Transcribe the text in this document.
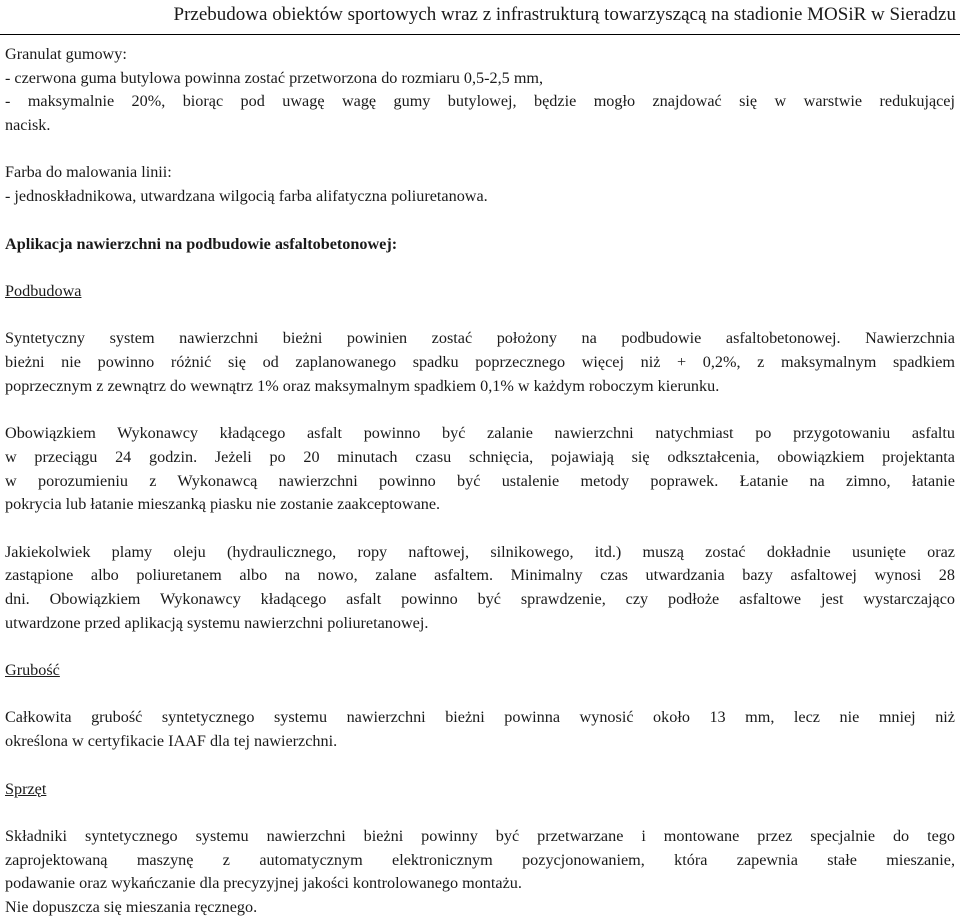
Przebudowa obiektów sportowych wraz z infrastrukturą towarzyszącą na stadionie MOSiR w Sieradzu
Granulat gumowy:
- czerwona guma butylowa powinna zostać przetworzona do rozmiaru 0,5-2,5 mm,
- maksymalnie 20%, biorąc pod uwagę wagę gumy butylowej, będzie mogło znajdować się w warstwie redukującej
nacisk.
Farba do malowania linii:
- jednoskładnikowa, utwardzana wilgocią farba alifatyczna poliuretanowa.
Aplikacja nawierzchni na podbudowie asfaltobetonowej:
Podbudowa
Syntetyczny system nawierzchni bieżni powinien zostać położony na podbudowie asfaltobetonowej. Nawierzchnia
bieżni nie powinno różnić się od zaplanowanego spadku poprzecznego więcej niż + 0,2%, z maksymalnym spadkiem
poprzecznym z zewnątrz do wewnątrz 1% oraz maksymalnym spadkiem 0,1% w każdym roboczym kierunku.
Obowiązkiem Wykonawcy kładącego asfalt powinno być zalanie nawierzchni natychmiast po przygotowaniu asfaltu
w przeciągu 24 godzin. Jeżeli po 20 minutach czasu schnięcia, pojawiają się odkształcenia, obowiązkiem projektanta
w porozumieniu z Wykonawcą nawierzchni powinno być ustalenie metody poprawek. Łatanie na zimno, łatanie
pokrycia lub łatanie mieszanką piasku nie zostanie zaakceptowane.
Jakiekolwiek plamy oleju (hydraulicznego, ropy naftowej, silnikowego, itd.) muszą zostać dokładnie usunięte oraz
zastąpione albo poliuretanem albo na nowo, zalane asfaltem. Minimalny czas utwardzania bazy asfaltowej wynosi 28
dni. Obowiązkiem Wykonawcy kładącego asfalt powinno być sprawdzenie, czy podłoże asfaltowe jest wystarczająco
utwardzone przed aplikacją systemu nawierzchni poliuretanowej.
Grubość
Całkowita grubość syntetycznego systemu nawierzchni bieżni powinna wynosić około 13 mm, lecz nie mniej niż
określona w certyfikacie IAAF dla tej nawierzchni.
Sprzęt
Składniki syntetycznego systemu nawierzchni bieżni powinny być przetwarzane i montowane przez specjalnie do tego
zaprojektowaną maszynę z automatycznym elektronicznym pozycjonowaniem, która zapewnia stałe mieszanie,
podawanie oraz wykańczanie dla precyzyjnej jakości kontrolowanego montażu.
Nie dopuszcza się mieszania ręcznego.
